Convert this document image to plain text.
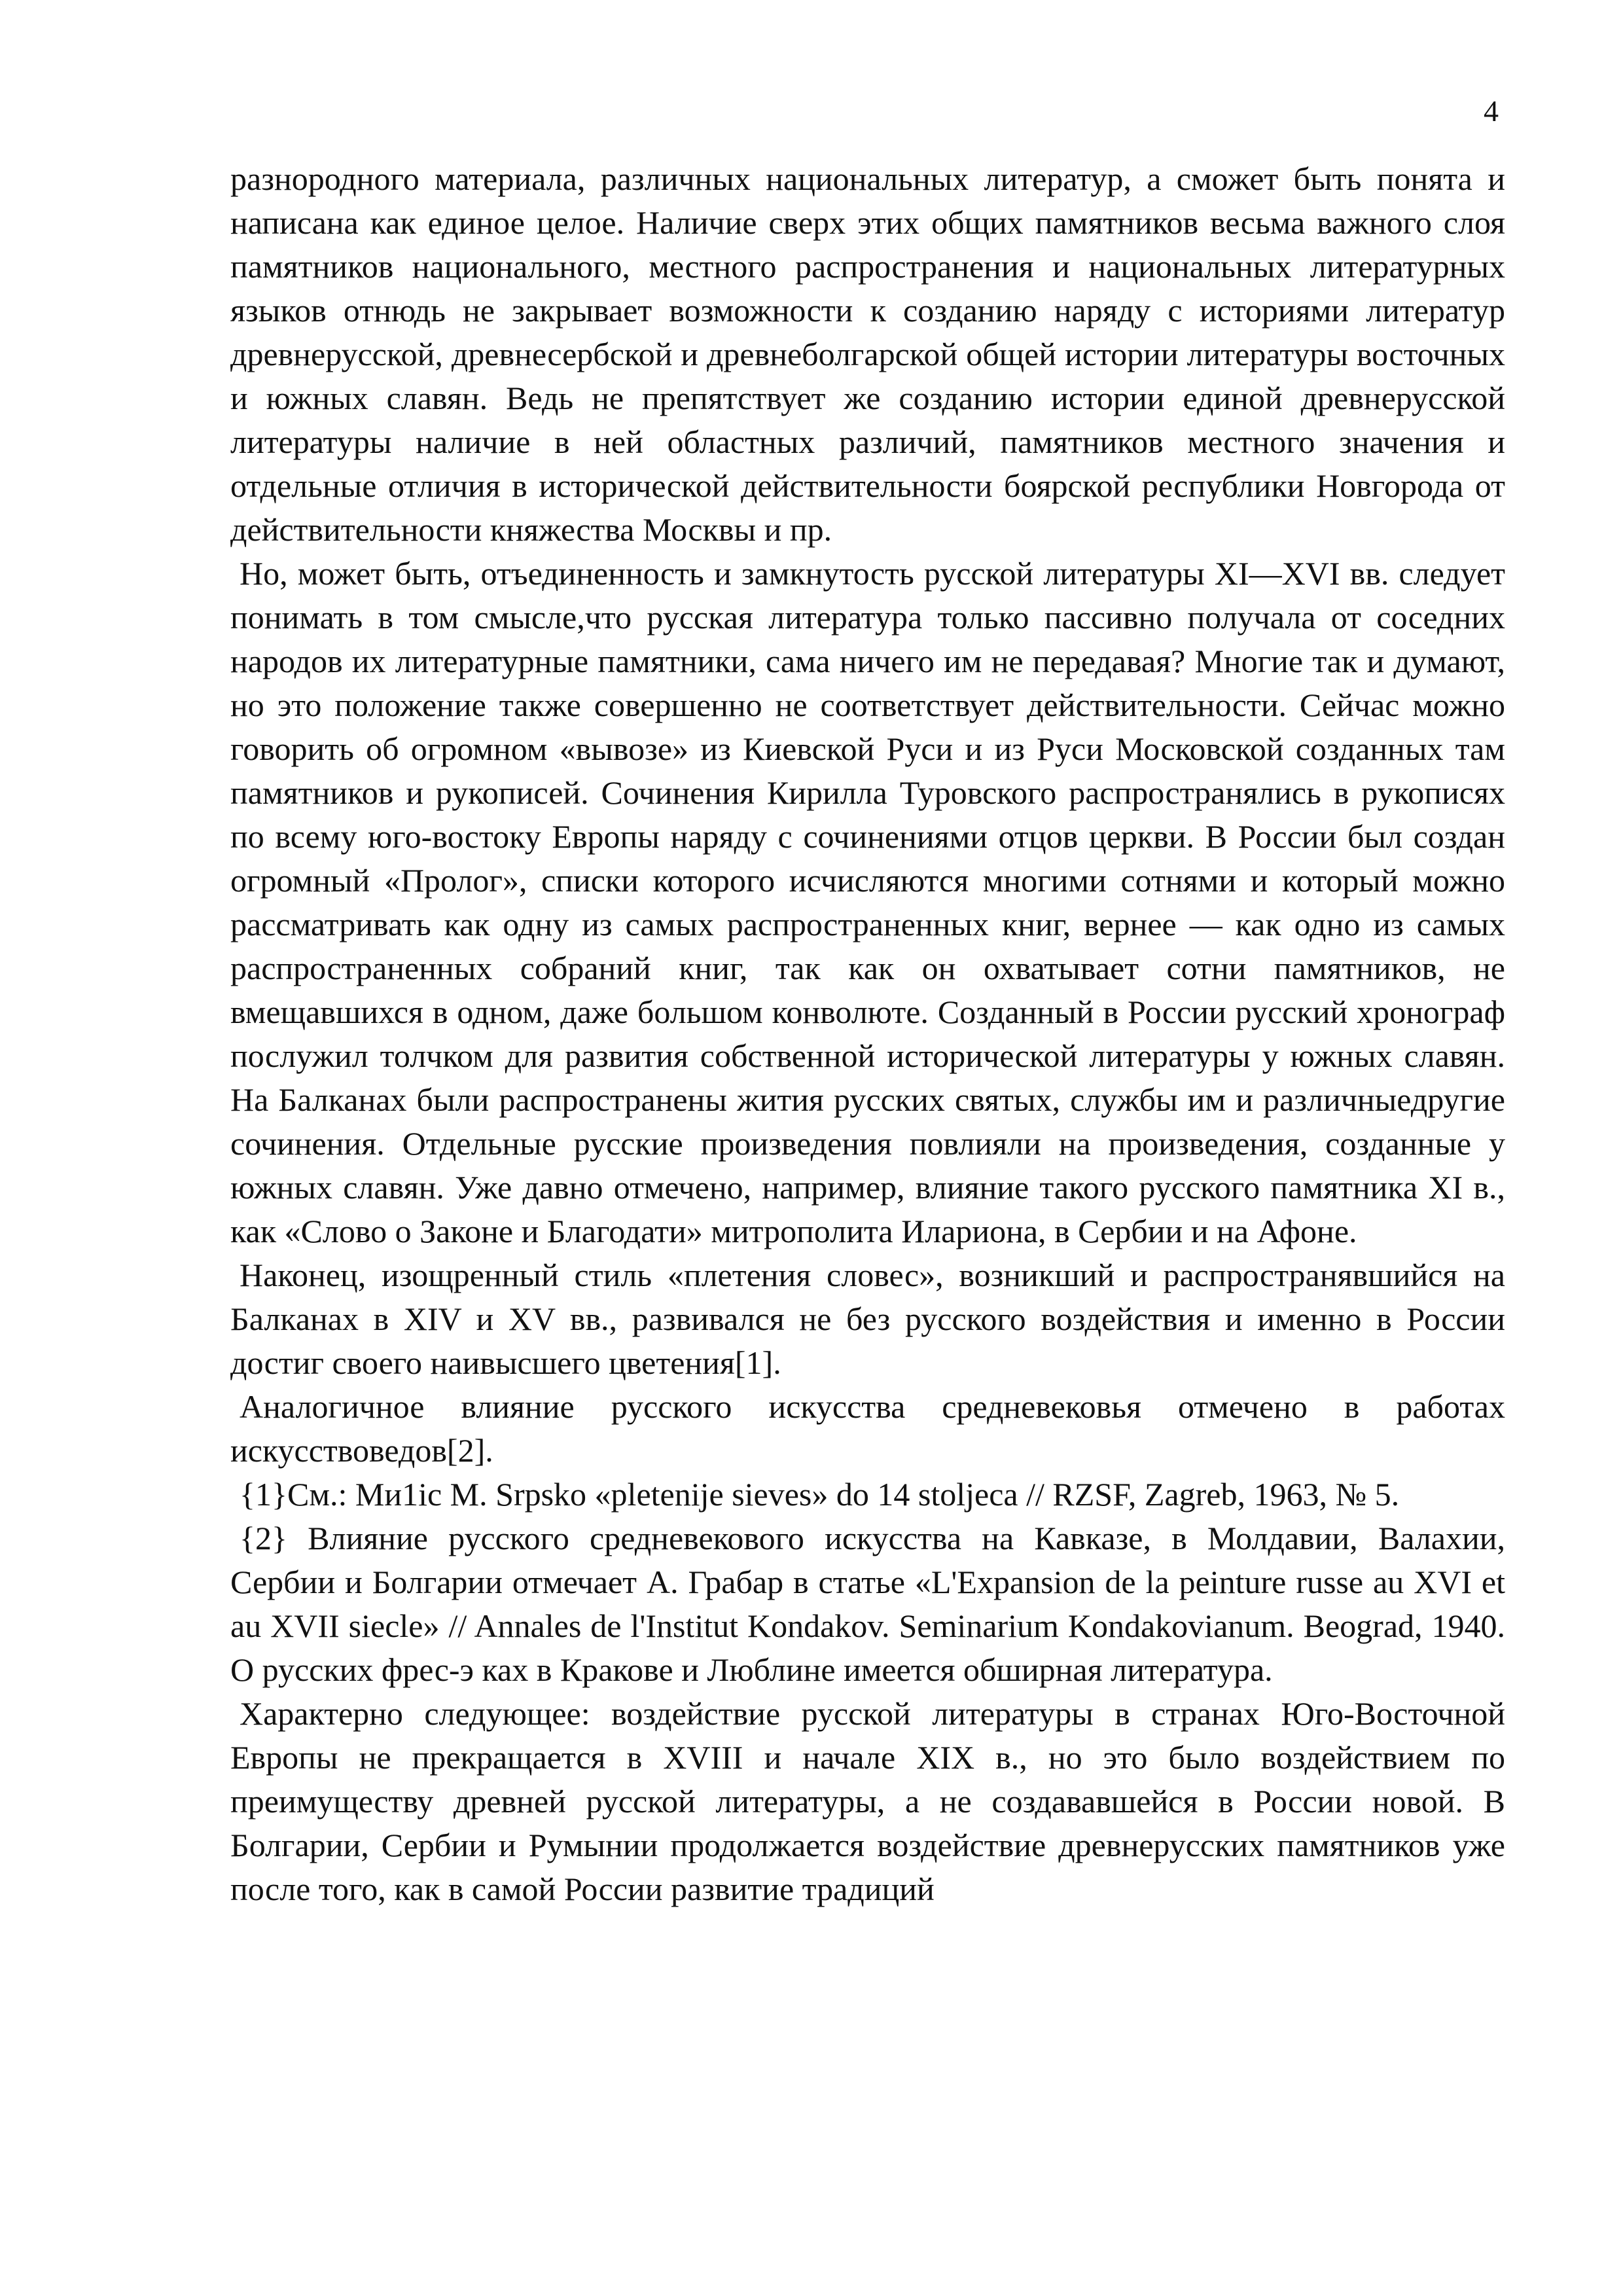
4

разнородного материала, различных национальных литератур, а сможет быть понята и написана как единое целое. Наличие сверх этих общих памятников весьма важного слоя памятников национального, местного распространения и национальных литературных языков отнюдь не закрывает возможности к созданию наряду с историями литератур древнерусской, древнесербской и древнеболгарской общей истории литературы восточных и южных славян. Ведь не препятствует же созданию истории единой древнерусской литературы наличие в ней областных различий, памятников местного значения и отдельные отличия в исторической действительности боярской республики Новгорода от действительности княжества Москвы и пр.

Но, может быть, отъединенность и замкнутость русской литературы XI—XVI вв. следует понимать в том смысле,что русская литература только пассивно получала от соседних народов их литературные памятники, сама ничего им не передавая? Многие так и думают, но это положение также совершенно не соответствует действительности. Сейчас можно говорить об огромном «вывозе» из Киевской Руси и из Руси Московской созданных там памятников и рукописей. Сочинения Кирилла Туровского распространялись в рукописях по всему юго-востоку Европы наряду с сочинениями отцов церкви. В России был создан огромный «Пролог», списки которого исчисляются многими сотнями и который можно рассматривать как одну из самых распространенных книг, вернее — как одно из самых распространенных собраний книг, так как он охватывает сотни памятников, не вмещавшихся в одном, даже большом конволюте. Созданный в России русский хронограф послужил толчком для развития собственной исторической литературы у южных славян. На Балканах были распространены жития русских святых, службы им и различныедругие сочинения. Отдельные русские произведения повлияли на произведения, созданные у южных славян. Уже давно отмечено, например, влияние такого русского памятника XI в., как «Слово о Законе и Благодати» митрополита Илариона, в Сербии и на Афоне.

Наконец, изощренный стиль «плетения словес», возникший и распространявшийся на Балканах в XIV и XV вв., развивался не без русского воздействия и именно в России достиг своего наивысшего цветения[1].

Аналогичное влияние русского искусства средневековья отмечено в работах искусствоведов[2].

{1}См.: Ми1ic M. Srpsko «pletenije sieves» do 14 stoljeca // RZSF, Zagreb, 1963, № 5.

{2} Влияние русского средневекового искусства на Кавказе, в Молдавии, Валахии, Сербии и Болгарии отмечает А. Грабар в статье «L'Expansion de la peinture russe au XVI et au XVII siecle» // Annales de l'Institut Kondakov. Seminarium Kondakovianum. Beograd, 1940. О русских фрес-э ках в Кракове и Люблине имеется обширная литература.

Характерно следующее: воздействие русской литературы в странах Юго-Восточной Европы не прекращается в XVIII и начале XIX в., но это было воздействием по преимуществу древней русской литературы, а не создававшейся в России новой. В Болгарии, Сербии и Румынии продолжается воздействие древнерусских памятников уже после того, как в самой России развитие традиций
